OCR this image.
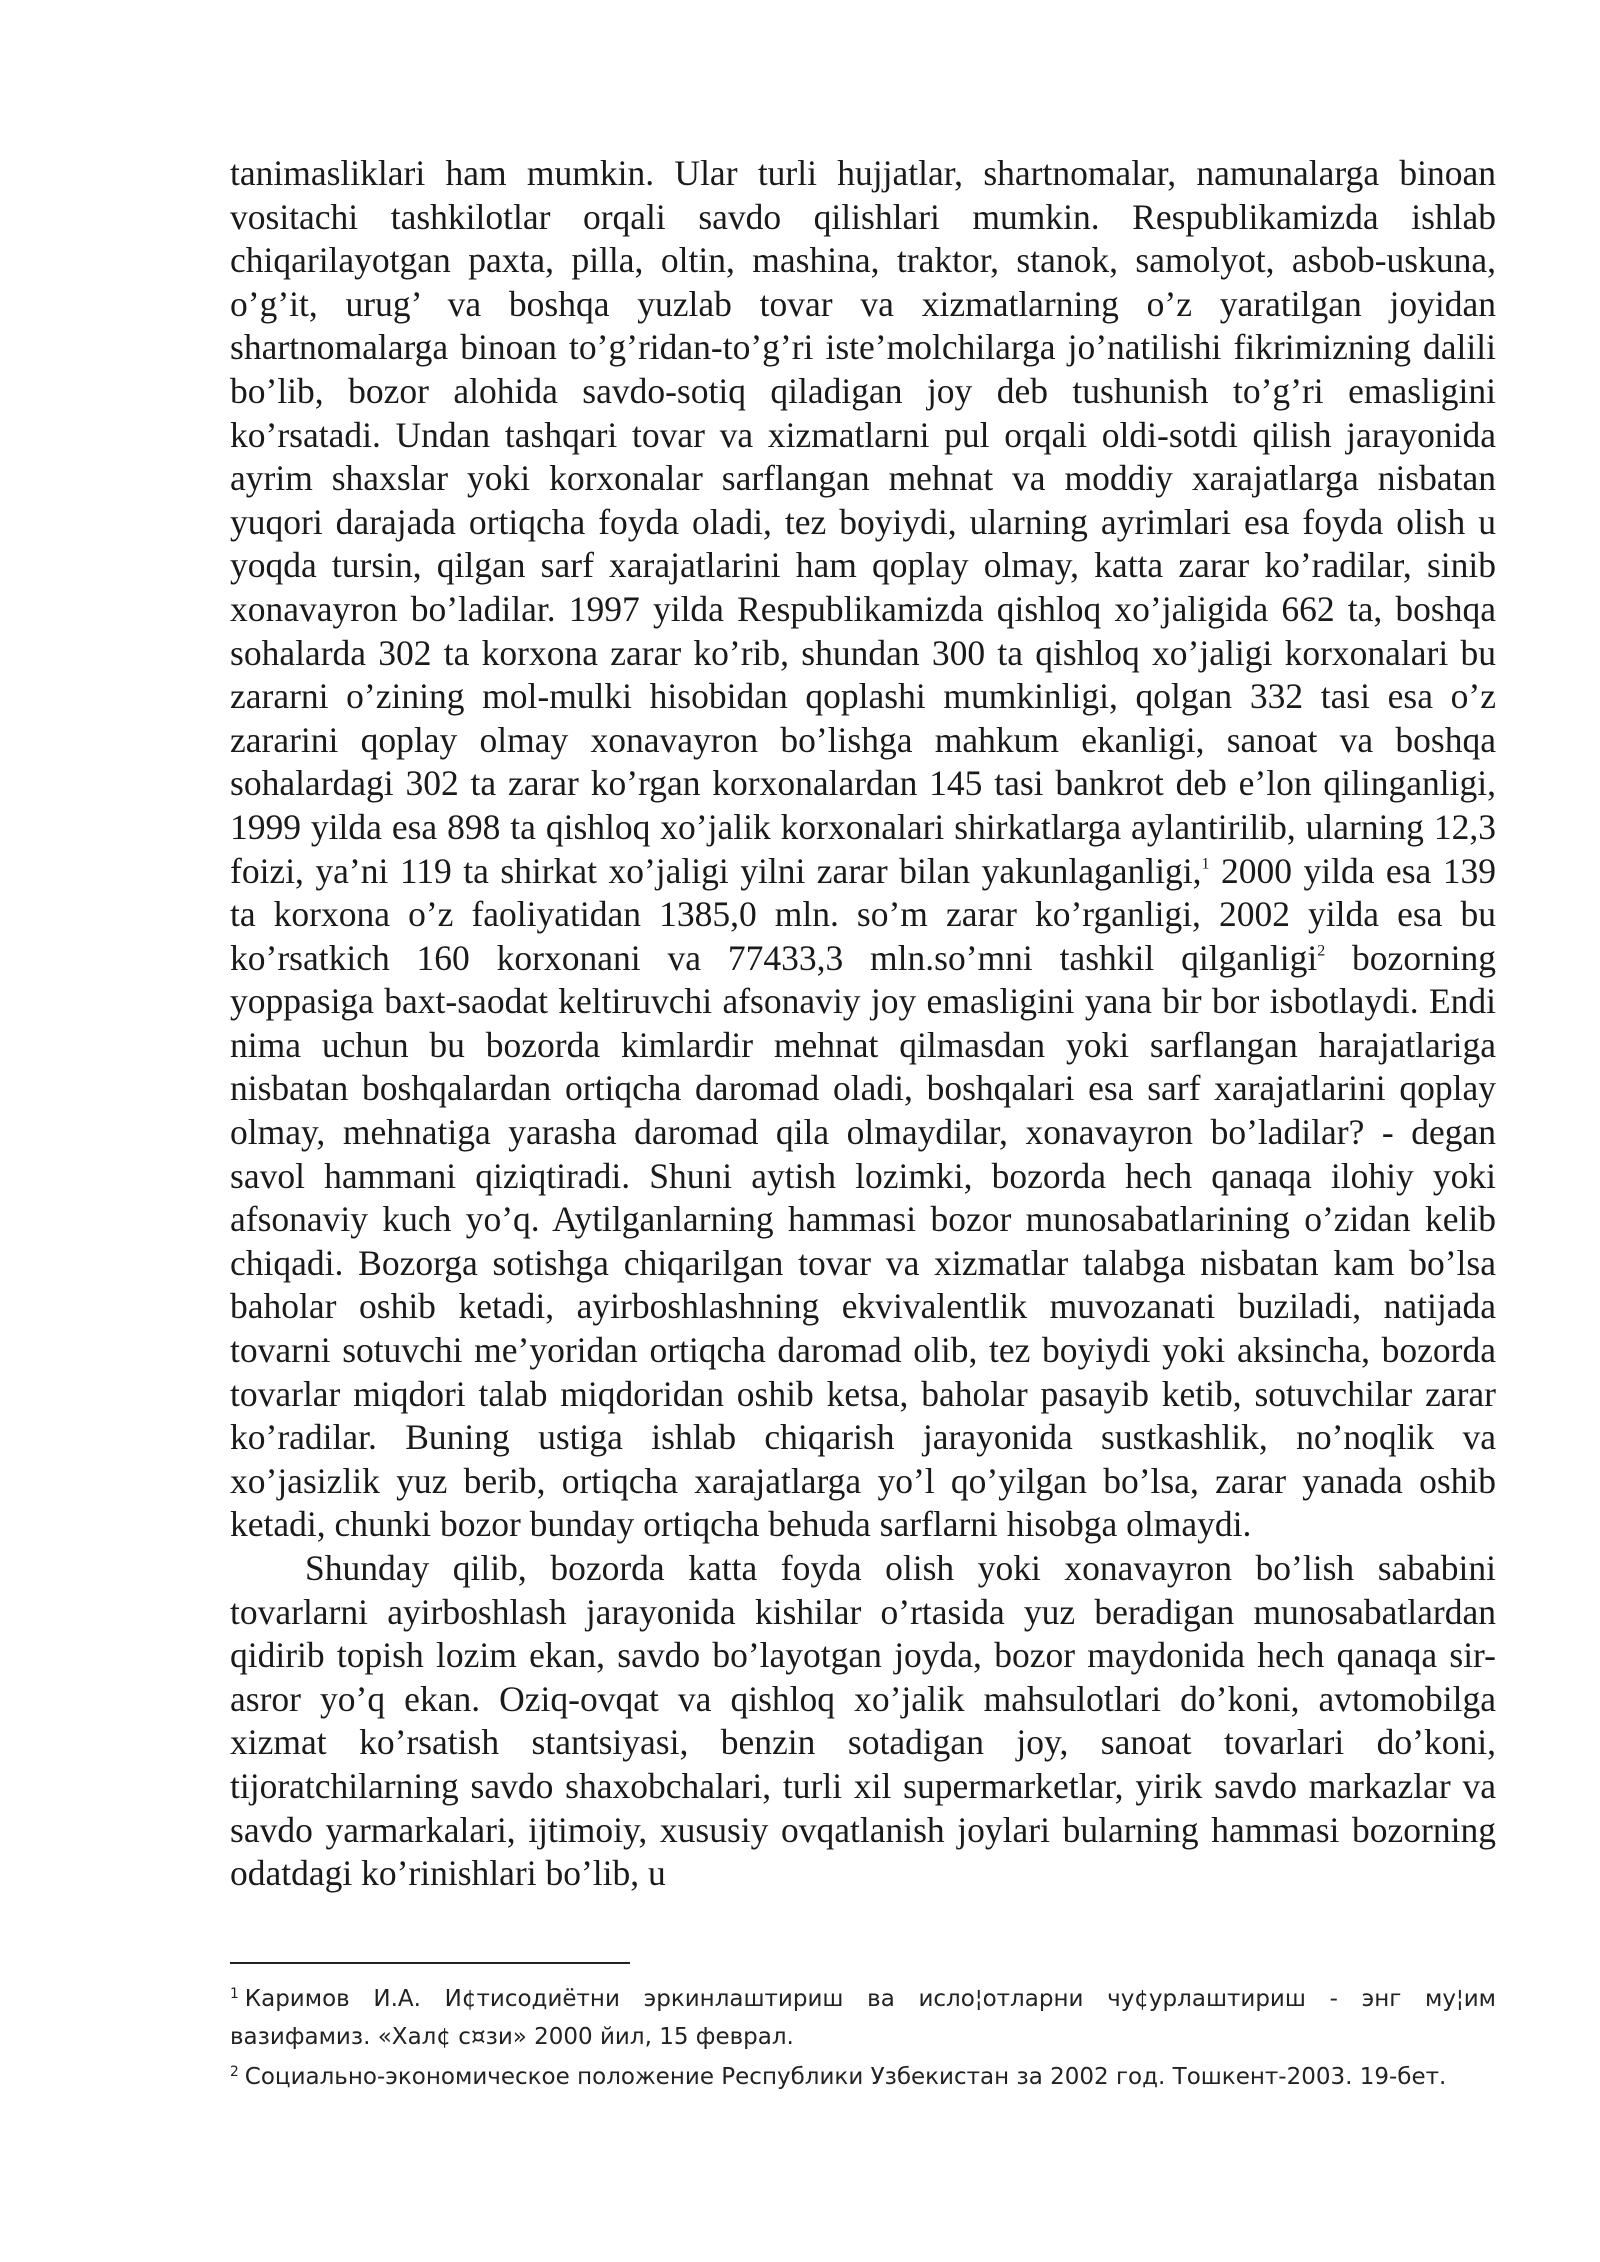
tanimasliklari ham mumkin. Ular turli hujjatlar, shartnomalar, namunalarga binoan vositachi tashkilotlar orqali savdo qilishlari mumkin. Respublikamizda ishlab chiqarilayotgan paxta, pilla, oltin, mashina, traktor, stanok, samolyot, asbob-uskuna, o’g’it, urug’ va boshqa yuzlab tovar va xizmatlarning o’z yaratilgan joyidan shartnomalarga binoan to’g’ridan-to’g’ri iste’molchilarga jo’natilishi fikrimizning dalili bo’lib, bozor alohida savdo-sotiq qiladigan joy deb tushunish to’g’ri emasligini ko’rsatadi. Undan tashqari tovar va xizmatlarni pul orqali oldi-sotdi qilish jarayonida ayrim shaxslar yoki korxonalar sarflangan mehnat va moddiy xarajatlarga nisbatan yuqori darajada ortiqcha foyda oladi, tez boyiydi, ularning ayrimlari esa foyda olish u yoqda tursin, qilgan sarf xarajatlarini ham qoplay olmay, katta zarar ko’radilar, sinib xonavayron bo’ladilar. 1997 yilda Respublikamizda qishloq xo’jaligida 662 ta, boshqa sohalarda 302 ta korxona zarar ko’rib, shundan 300 ta qishloq xo’jaligi korxonalari bu zararni o’zining mol-mulki hisobidan qoplashi mumkinligi, qolgan 332 tasi esa o’z zararini qoplay olmay xonavayron bo’lishga mahkum ekanligi, sanoat va boshqa sohalardagi 302 ta zarar ko’rgan korxonalardan 145 tasi bankrot deb e’lon qilinganligi, 1999 yilda esa 898 ta qishloq xo’jalik korxonalari shirkatlarga aylantirilib, ularning 12,3 foizi, ya’ni 119 ta shirkat xo’jaligi yilni zarar bilan yakunlaganligi,$^1$ 2000 yilda esa 139 ta korxona o’z faoliyatidan 1385,0 mln. so’m zarar ko’rganligi, 2002 yilda esa bu ko’rsatkich 160 korxonani va 77433,3 mln.so’mni tashkil qilganligi$^2$ bozorning yoppasiga baxt-saodat keltiruvchi afsonaviy joy emasligini yana bir bor isbotlaydi. Endi nima uchun bu bozorda kimlardir mehnat qilmasdan yoki sarflangan harajatlariga nisbatan boshqalardan ortiqcha daromad oladi, boshqalari esa sarf xarajatlarini qoplay olmay, mehnatiga yarasha daromad qila olmaydilar, xonavayron bo’ladilar? - degan savol hammani qiziqtiradi. Shuni aytish lozimki, bozorda hech qanaqa ilohiy yoki afsonaviy kuch yo’q. Aytilganlarning hammasi bozor munosabatlarining o’zidan kelib chiqadi. Bozorga sotishga chiqarilgan tovar va xizmatlar talabga nisbatan kam bo’lsa baholar oshib ketadi, ayirboshlashning ekvivalentlik muvozanati buziladi, natijada tovarni sotuvchi me’yoridan ortiqcha daromad olib, tez boyiydi yoki aksincha, bozorda tovarlar miqdori talab miqdoridan oshib ketsa, baholar pasayib ketib, sotuvchilar zarar ko’radilar. Buning ustiga ishlab chiqarish jarayonida sustkashlik, no’noqlik va xo’jasizlik yuz berib, ortiqcha xarajatlarga yo’l qo’yilgan bo’lsa, zarar yanada oshib ketadi, chunki bozor bunday ortiqcha behuda sarflarni hisobga olmaydi.

Shunday qilib, bozorda katta foyda olish yoki xonavayron bo’lish sababini tovarlarni ayirboshlash jarayonida kishilar o’rtasida yuz beradigan munosabatlardan qidirib topish lozim ekan, savdo bo’layotgan joyda, bozor maydonida hech qanaqa sir-asror yo’q ekan. Oziq-ovqat va qishloq xo’jalik mahsulotlari do’koni, avtomobilga xizmat ko’rsatish stantsiyasi, benzin sotadigan joy, sanoat tovarlari do’koni, tijoratchilarning savdo shaxobchalari, turli xil supermarketlar, yirik savdo markazlar va savdo yarmarkalari, ijtimoiy, xususiy ovqatlanish joylari bularning hammasi bozorning odatdagi ko’rinishlari bo’lib, u

$^1$ Каримов И.А. И¢тисодиётни эркинлаштириш ва исло¦отларни чу¢урлаштириш - энг му¦им вазифамиз. «Хал¢ с¤зи» 2000 йил, 15 феврал.

$^2$ Социально-экономическое положение Республики Узбекистан за 2002 год. Тошкент-2003. 19-бет.
